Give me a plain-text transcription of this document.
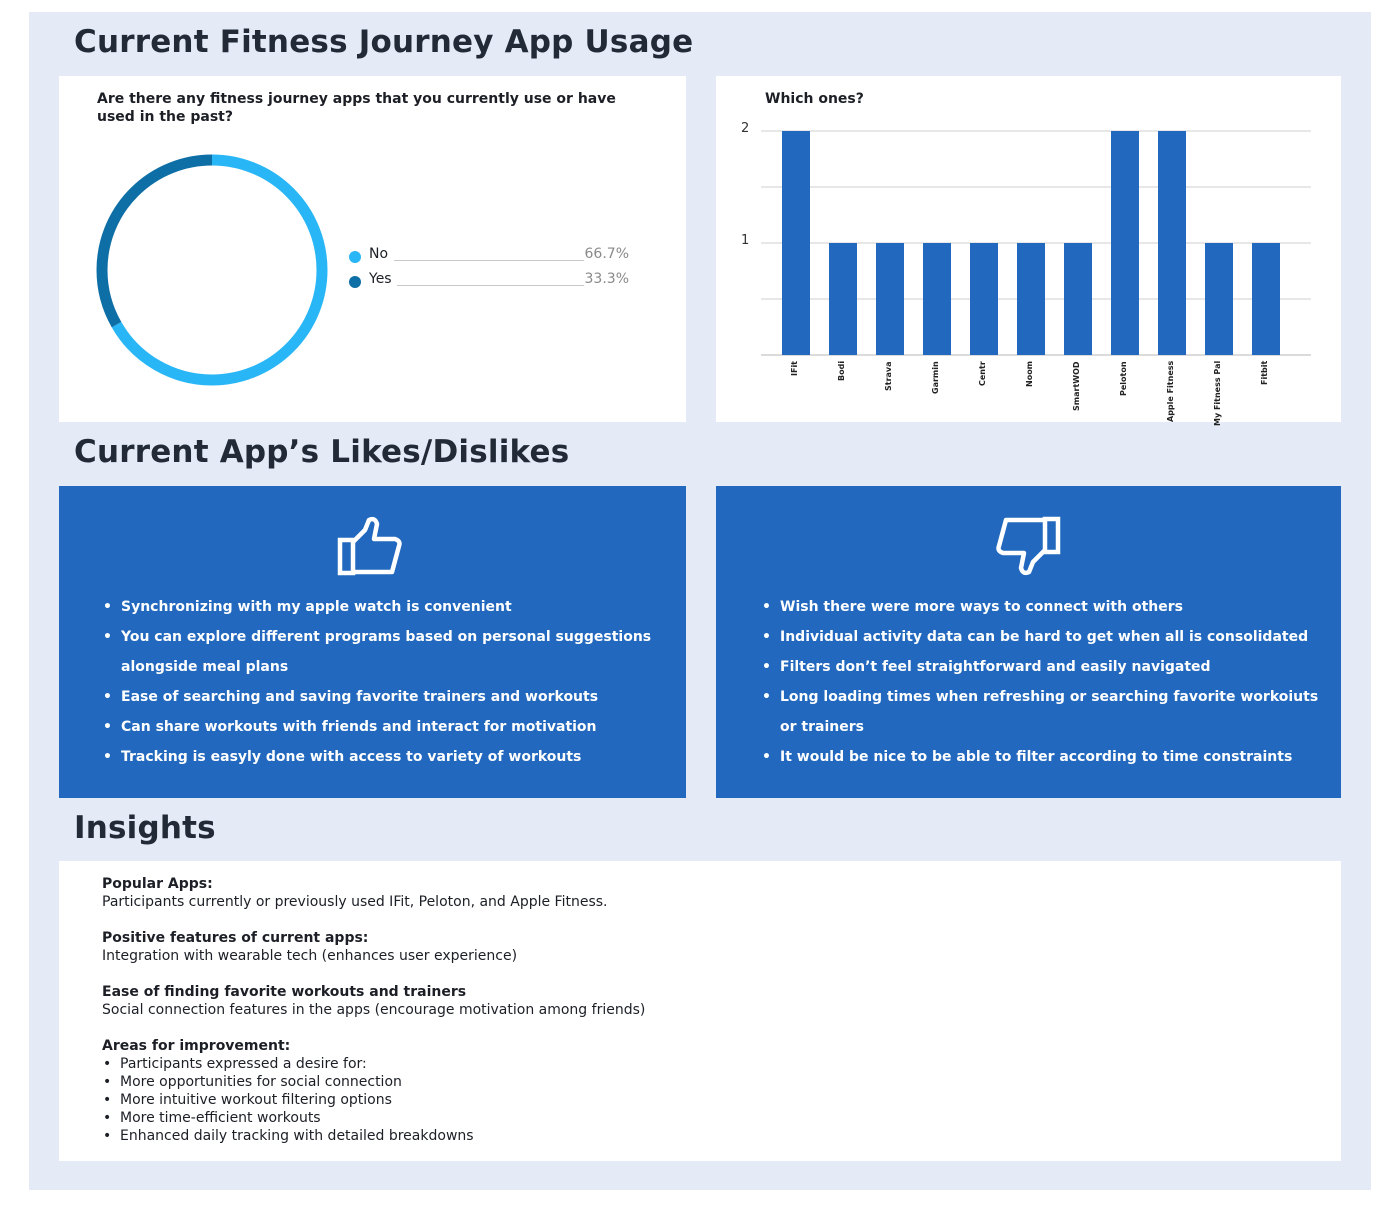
Current Fitness Journey App Usage

Are there any fitness journey apps that you currently use or have used in the past?

No	66.7%
Yes	33.3%

Which ones?

IFit	Bodi	Strava	Garmin	Centr	Noom	SmartWOD	Peloton	Apple Fitness	My Fitness Pal	Fitbit
1
2
Current App’s Likes/Dislikes
• Synchronizing with my apple watch is convenient
• You can explore different programs based on personal suggestions alongside meal plans
• Ease of searching and saving favorite trainers and workouts
• Can share workouts with friends and interact for motivation
• Tracking is easyly done with access to variety of workouts
• Wish there were more ways to connect with others
• Individual activity data can be hard to get when all is consolidated
• Filters don’t feel straightforward and easily navigated
• Long loading times when refreshing or searching favorite workoiuts or trainers
• It would be nice to be able to filter according to time constraints
Insights
Popular Apps:
Participants currently or previously used IFit, Peloton, and Apple Fitness.
Positive features of current apps:
Integration with wearable tech (enhances user experience)
Ease of finding favorite workouts and trainers
Social connection features in the apps (encourage motivation among friends)
Areas for improvement:
• Participants expressed a desire for:
• More opportunities for social connection
• More intuitive workout filtering options
• More time-efficient workouts
• Enhanced daily tracking with detailed breakdowns
